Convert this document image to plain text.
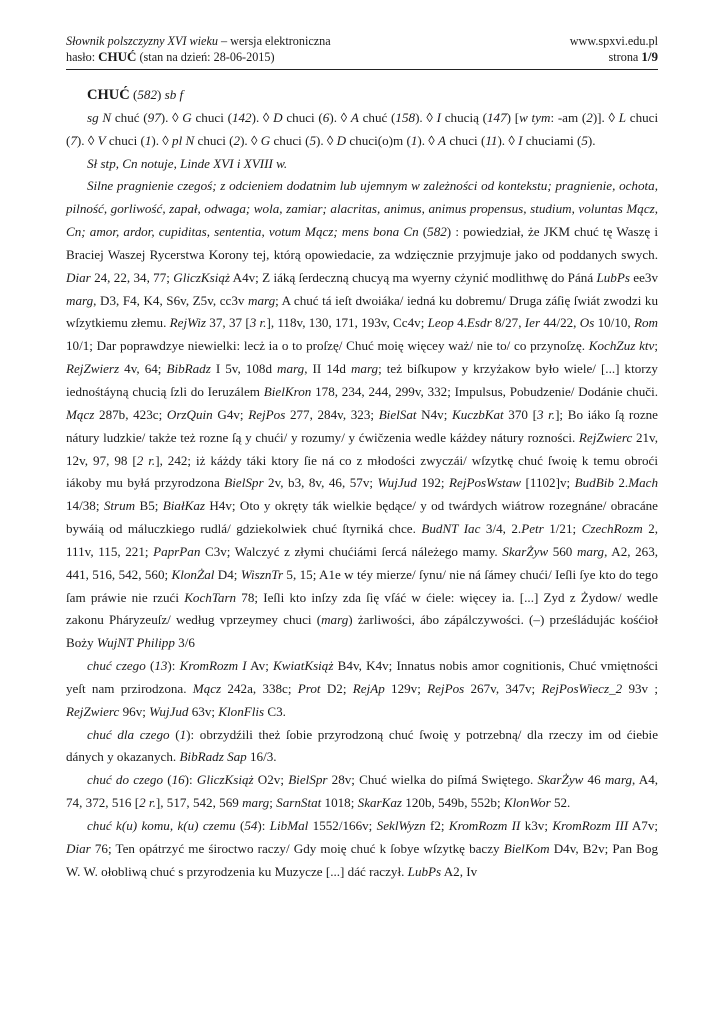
Słownik polszczyzny XVI wieku – wersja elektroniczna
hasło: CHUĆ (stan na dzień: 28-06-2015)
www.spxvi.edu.pl
strona 1/9

CHUĆ (582) sb f

sg N chuć (97). ◊ G chuci (142). ◊ D chuci (6). ◊ A chuć (158). ◊ I chucią (147) [w tym: -am (2)]. ◊ L chuci (7). ◊ V chuci (1). ◊ pl N chuci (2). ◊ G chuci (5). ◊ D chuci(o)m (1). ◊ A chuci (11). ◊ I chuciami (5).

Sł stp, Cn notuje, Linde XVI i XVIII w.

Silne pragnienie czegoś; z odcieniem dodatnim lub ujemnym w zależności od kontekstu; pragnienie, ochota, pilność, gorliwość, zapał, odwaga; wola, zamiar; alacritas, animus, animus propensus, studium, voluntas Mącz, Cn; amor, ardor, cupiditas, sententia, votum Mącz; mens bona Cn (582) : powiedział, że JKM chuć tę Waszę i Braciej Waszej Rycerstwa Korony tej, którą opowiedacie, za wdzięcznie przyjmuje jako od poddanych swych. Diar 24, 22, 34, 77; GliczKsiąż A4v; Z iáką ſerdeczną chucyą ma wyerny cżynić modlithwę do Páná LubPs ee3v marg, D3, F4, K4, S6v, Z5v, cc3v marg; A chuć tá ieſt dwoiáka/ iedná ku dobremu/ Druga záſię ſwiát zwodzi ku wſzytkiemu złemu. RejWiz 37, 37 [3 r.], 118v, 130, 171, 193v, Cc4v; Leop 4.Esdr 8/27, Ier 44/22, Os 10/10, Rom 10/1; Dar poprawdzye niewielki: lecż ia o to proſzę/ Chuć moię więcey waż/ nie to/ co przynoſzę. KochZuz ktv; RejZwierz 4v, 64; BibRadz I 5v, 108d marg, II 14d marg; też biſkupow y krzyżakow było wiele/ [...] ktorzy iednośtáyną chucią ſzli do Ieruzálem BielKron 178, 234, 244, 299v, 332; Impulsus, Pobudzenie/ Dodánie chuči. Mącz 287b, 423c; OrzQuin G4v; RejPos 277, 284v, 323; BielSat N4v; KuczbKat 370 [3 r.]; Bo iáko ſą rozne nátury ludzkie/ także też rozne ſą y chući/ y rozumy/ y ćwičzenia wedle káżdey nátury rozności. RejZwierc 21v, 12v, 97, 98 [2 r.], 242; iż káżdy táki ktory ſie ná co z młodości zwyczái/ wſzytkę chuć ſwoię k temu obroći iákoby mu byłá przyrodzona BielSpr 2v, b3, 8v, 46, 57v; WujJud 192; RejPosWstaw [1102]v; BudBib 2.Mach 14/38; Strum B5; BiałKaz H4v; Oto y okręty ták wielkie będące/ y od twárdych wiátrow rozegnáne/ obracáne bywáią od máluczkiego rudlá/ gdziekolwiek chuć ſtyrniká chce. BudNT Iac 3/4, 2.Petr 1/21; CzechRozm 2, 111v, 115, 221; PaprPan C3v; Walczyć z złymi chućiámi ſercá náleżego mamy. SkarŻyw 560 marg, A2, 263, 441, 516, 542, 560; KlonŻal D4; WisznTr 5, 15; A1e w téy mierze/ ſynu/ nie ná ſámey chući/ Ieſli ſye kto do tego ſam práwie nie rzući KochTarn 78; Ieſli kto inſzy zda ſię vſáć w ćiele: więcey ia. [...] Zyd z Żydow/ wedle zakonu Pháryzeuſz/ według vprzeymey chuci (marg) żarliwości, ábo zápálczywości. (–) prześládujác kośćioł Boży WujNT Philipp 3/6

chuć czego (13): KromRozm I Av; KwiatKsiąż B4v, K4v; Innatus nobis amor cognitionis, Chuć vmiętności yeſt nam przirodzona. Mącz 242a, 338c; Prot D2; RejAp 129v; RejPos 267v, 347v; RejPosWiecz_2 93v ; RejZwierc 96v; WujJud 63v; KlonFlis C3.

chuć dla czego (1): obrzydźili theż ſobie przyrodzoną chuć ſwoię y potrzebną/ dla rzeczy im od ćiebie dánych y okazanych. BibRadz Sap 16/3.

chuć do czego (16): GliczKsiąż O2v; BielSpr 28v; Chuć wielka do piſmá Swiętego. SkarŻyw 46 marg, A4, 74, 372, 516 [2 r.], 517, 542, 569 marg; SarnStat 1018; SkarKaz 120b, 549b, 552b; KlonWor 52.

chuć k(u) komu, k(u) czemu (54): LibMal 1552/166v; SeklWyzn f2; KromRozm II k3v; KromRozm III A7v; Diar 76; Ten opátrzyć me śiroctwo raczy/ Gdy moię chuć k ſobye wſzytkę baczy BielKom D4v, B2v; Pan Bog W. W. ołobliwą chuć s przyrodzenia ku Muzycze [...] dáć raczył. LubPs A2, Iv
